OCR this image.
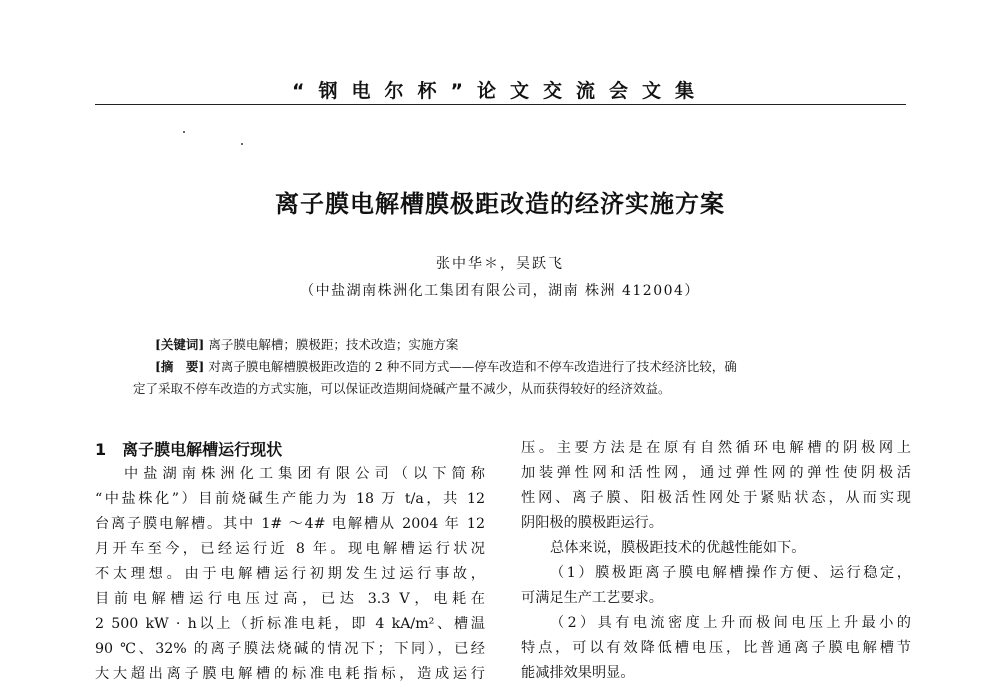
“钢电尔杯”论文交流会文集
离子膜电解槽膜极距改造的经济实施方案
张中华＊，吴跃飞
（中盐湖南株洲化工集团有限公司，湖南 株洲 412004）
[关键词] 离子膜电解槽；膜极距；技术改造；实施方案
[摘　要] 对离子膜电解槽膜极距改造的 2 种不同方式——停车改造和不停车改造进行了技术经济比较，确
定了采取不停车改造的方式实施，可以保证改造期间烧碱产量不减少，从而获得较好的经济效益。
1　离子膜电解槽运行现状
中盐湖南株洲化工集团有限公司（以下简称
“中盐株化”）目前烧碱生产能力为 18 万 t/a，共 12
台离子膜电解槽。其中 1# ～4# 电解槽从 2004 年 12
月开车至今，已经运行近 8 年。现电解槽运行状况
不太理想。由于电解槽运行初期发生过运行事故，
目前电解槽运行电压过高，已达 3.3 V，电耗在
2 500 kW · h以上（折标准电耗，即 4 kA/m²、槽温
90 ℃、32% 的离子膜法烧碱的情况下；下同），已经
大大超出离子膜电解槽的标准电耗指标，造成运行
压。主要方法是在原有自然循环电解槽的阴极网上
加装弹性网和活性网，通过弹性网的弹性使阴极活
性网、离子膜、阳极活性网处于紧贴状态，从而实现
阴阳极的膜极距运行。
总体来说，膜极距技术的优越性能如下。
（1）膜极距离子膜电解槽操作方便、运行稳定，
可满足生产工艺要求。
（2）具有电流密度上升而极间电压上升最小的
特点，可以有效降低槽电压，比普通离子膜电解槽节
能减排效果明显。
